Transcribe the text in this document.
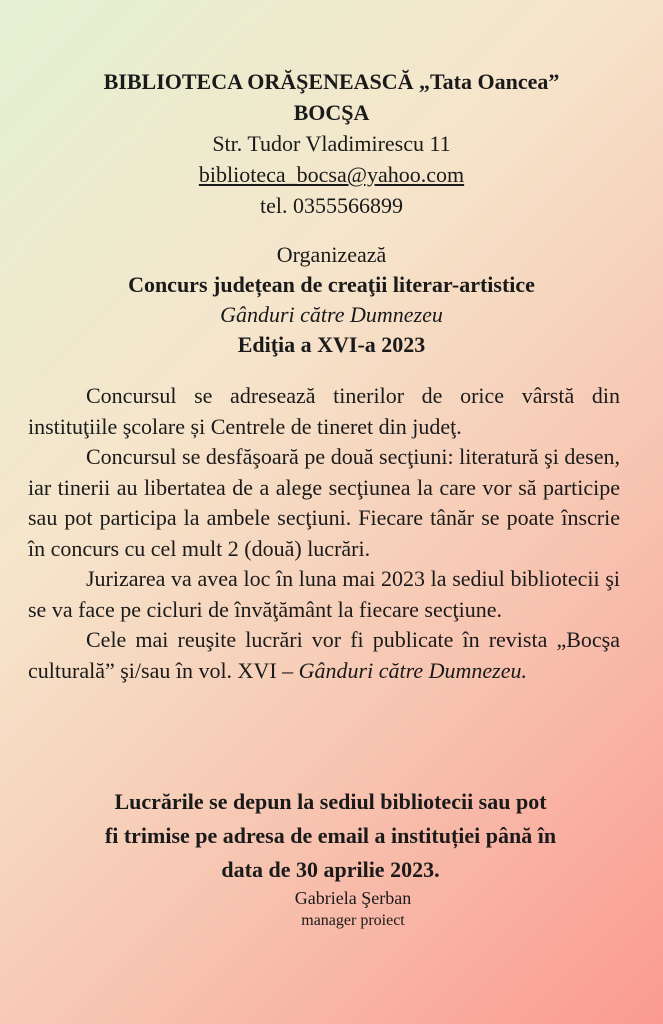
BIBLIOTECA ORĂŞENEASCĂ „Tata Oancea”
BOCŞA
Str. Tudor Vladimirescu 11
biblioteca_bocsa@yahoo.com
tel. 0355566899
Organizează
Concurs județean de creaţii literar-artistice
Gânduri către Dumnezeu
Ediţia a XVI-a 2023

Concursul se adresează tinerilor de orice vârstă din instituţiile şcolare și Centrele de tineret din judeţ.

Concursul se desfăşoară pe două secţiuni: literatură şi desen, iar tinerii au libertatea de a alege secţiunea la care vor să participe sau pot participa la ambele secţiuni. Fiecare tânăr se poate înscrie în concurs cu cel mult 2 (două) lucrări.

Jurizarea va avea loc în luna mai 2023 la sediul bibliotecii şi se va face pe cicluri de învăţământ la fiecare secţiune.

Cele mai reuşite lucrări vor fi publicate în revista „Bocşa culturală” şi/sau în vol. XVI – Gânduri către Dumnezeu.

Lucrările se depun la sediul bibliotecii sau pot
fi trimise pe adresa de email a instituției până în
data de 30 aprilie 2023.
Gabriela Şerban
manager proiect
